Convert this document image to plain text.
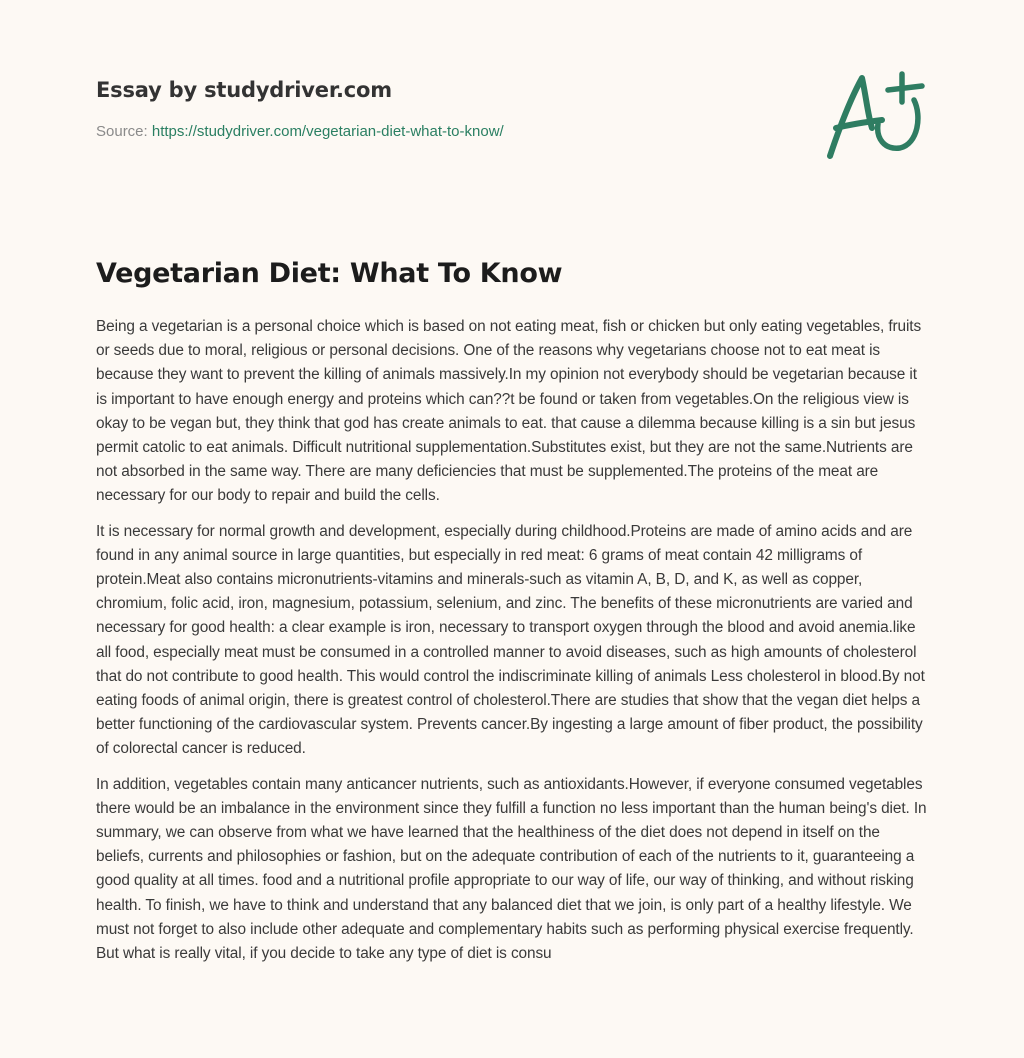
Essay by studydriver.com
Source: https://studydriver.com/vegetarian-diet-what-to-know/
Vegetarian Diet: What To Know

Being a vegetarian is a personal choice which is based on not eating meat, fish or chicken but only eating vegetables, fruits or seeds due to moral, religious or personal decisions. One of the reasons why vegetarians choose not to eat meat is because they want to prevent the killing of animals massively.In my opinion not everybody should be vegetarian because it is important to have enough energy and proteins which can??t be found or taken from vegetables.On the religious view is okay to be vegan but, they think that god has create animals to eat. that cause a dilemma because killing is a sin but jesus permit catolic to eat animals. Difficult nutritional supplementation.Substitutes exist, but they are not the same.Nutrients are not absorbed in the same way. There are many deficiencies that must be supplemented.The proteins of the meat are necessary for our body to repair and build the cells.

It is necessary for normal growth and development, especially during childhood.Proteins are made of amino acids and are found in any animal source in large quantities, but especially in red meat: 6 grams of meat contain 42 milligrams of protein.Meat also contains micronutrients-vitamins and minerals-such as vitamin A, B, D, and K, as well as copper, chromium, folic acid, iron, magnesium, potassium, selenium, and zinc. The benefits of these micronutrients are varied and necessary for good health: a clear example is iron, necessary to transport oxygen through the blood and avoid anemia.like all food, especially meat must be consumed in a controlled manner to avoid diseases, such as high amounts of cholesterol that do not contribute to good health. This would control the indiscriminate killing of animals Less cholesterol in blood.By not eating foods of animal origin, there is greatest control of cholesterol.There are studies that show that the vegan diet helps a better functioning of the cardiovascular system. Prevents cancer.By ingesting a large amount of fiber product, the possibility of colorectal cancer is reduced.

In addition, vegetables contain many anticancer nutrients, such as antioxidants.However, if everyone consumed vegetables there would be an imbalance in the environment since they fulfill a function no less important than the human being's diet. In summary, we can observe from what we have learned that the healthiness of the diet does not depend in itself on the beliefs, currents and philosophies or fashion, but on the adequate contribution of each of the nutrients to it, guaranteeing a good quality at all times. food and a nutritional profile appropriate to our way of life, our way of thinking, and without risking health. To finish, we have to think and understand that any balanced diet that we join, is only part of a healthy lifestyle. We must not forget to also include other adequate and complementary habits such as performing physical exercise frequently. But what is really vital, if you decide to take any type of diet is consu
